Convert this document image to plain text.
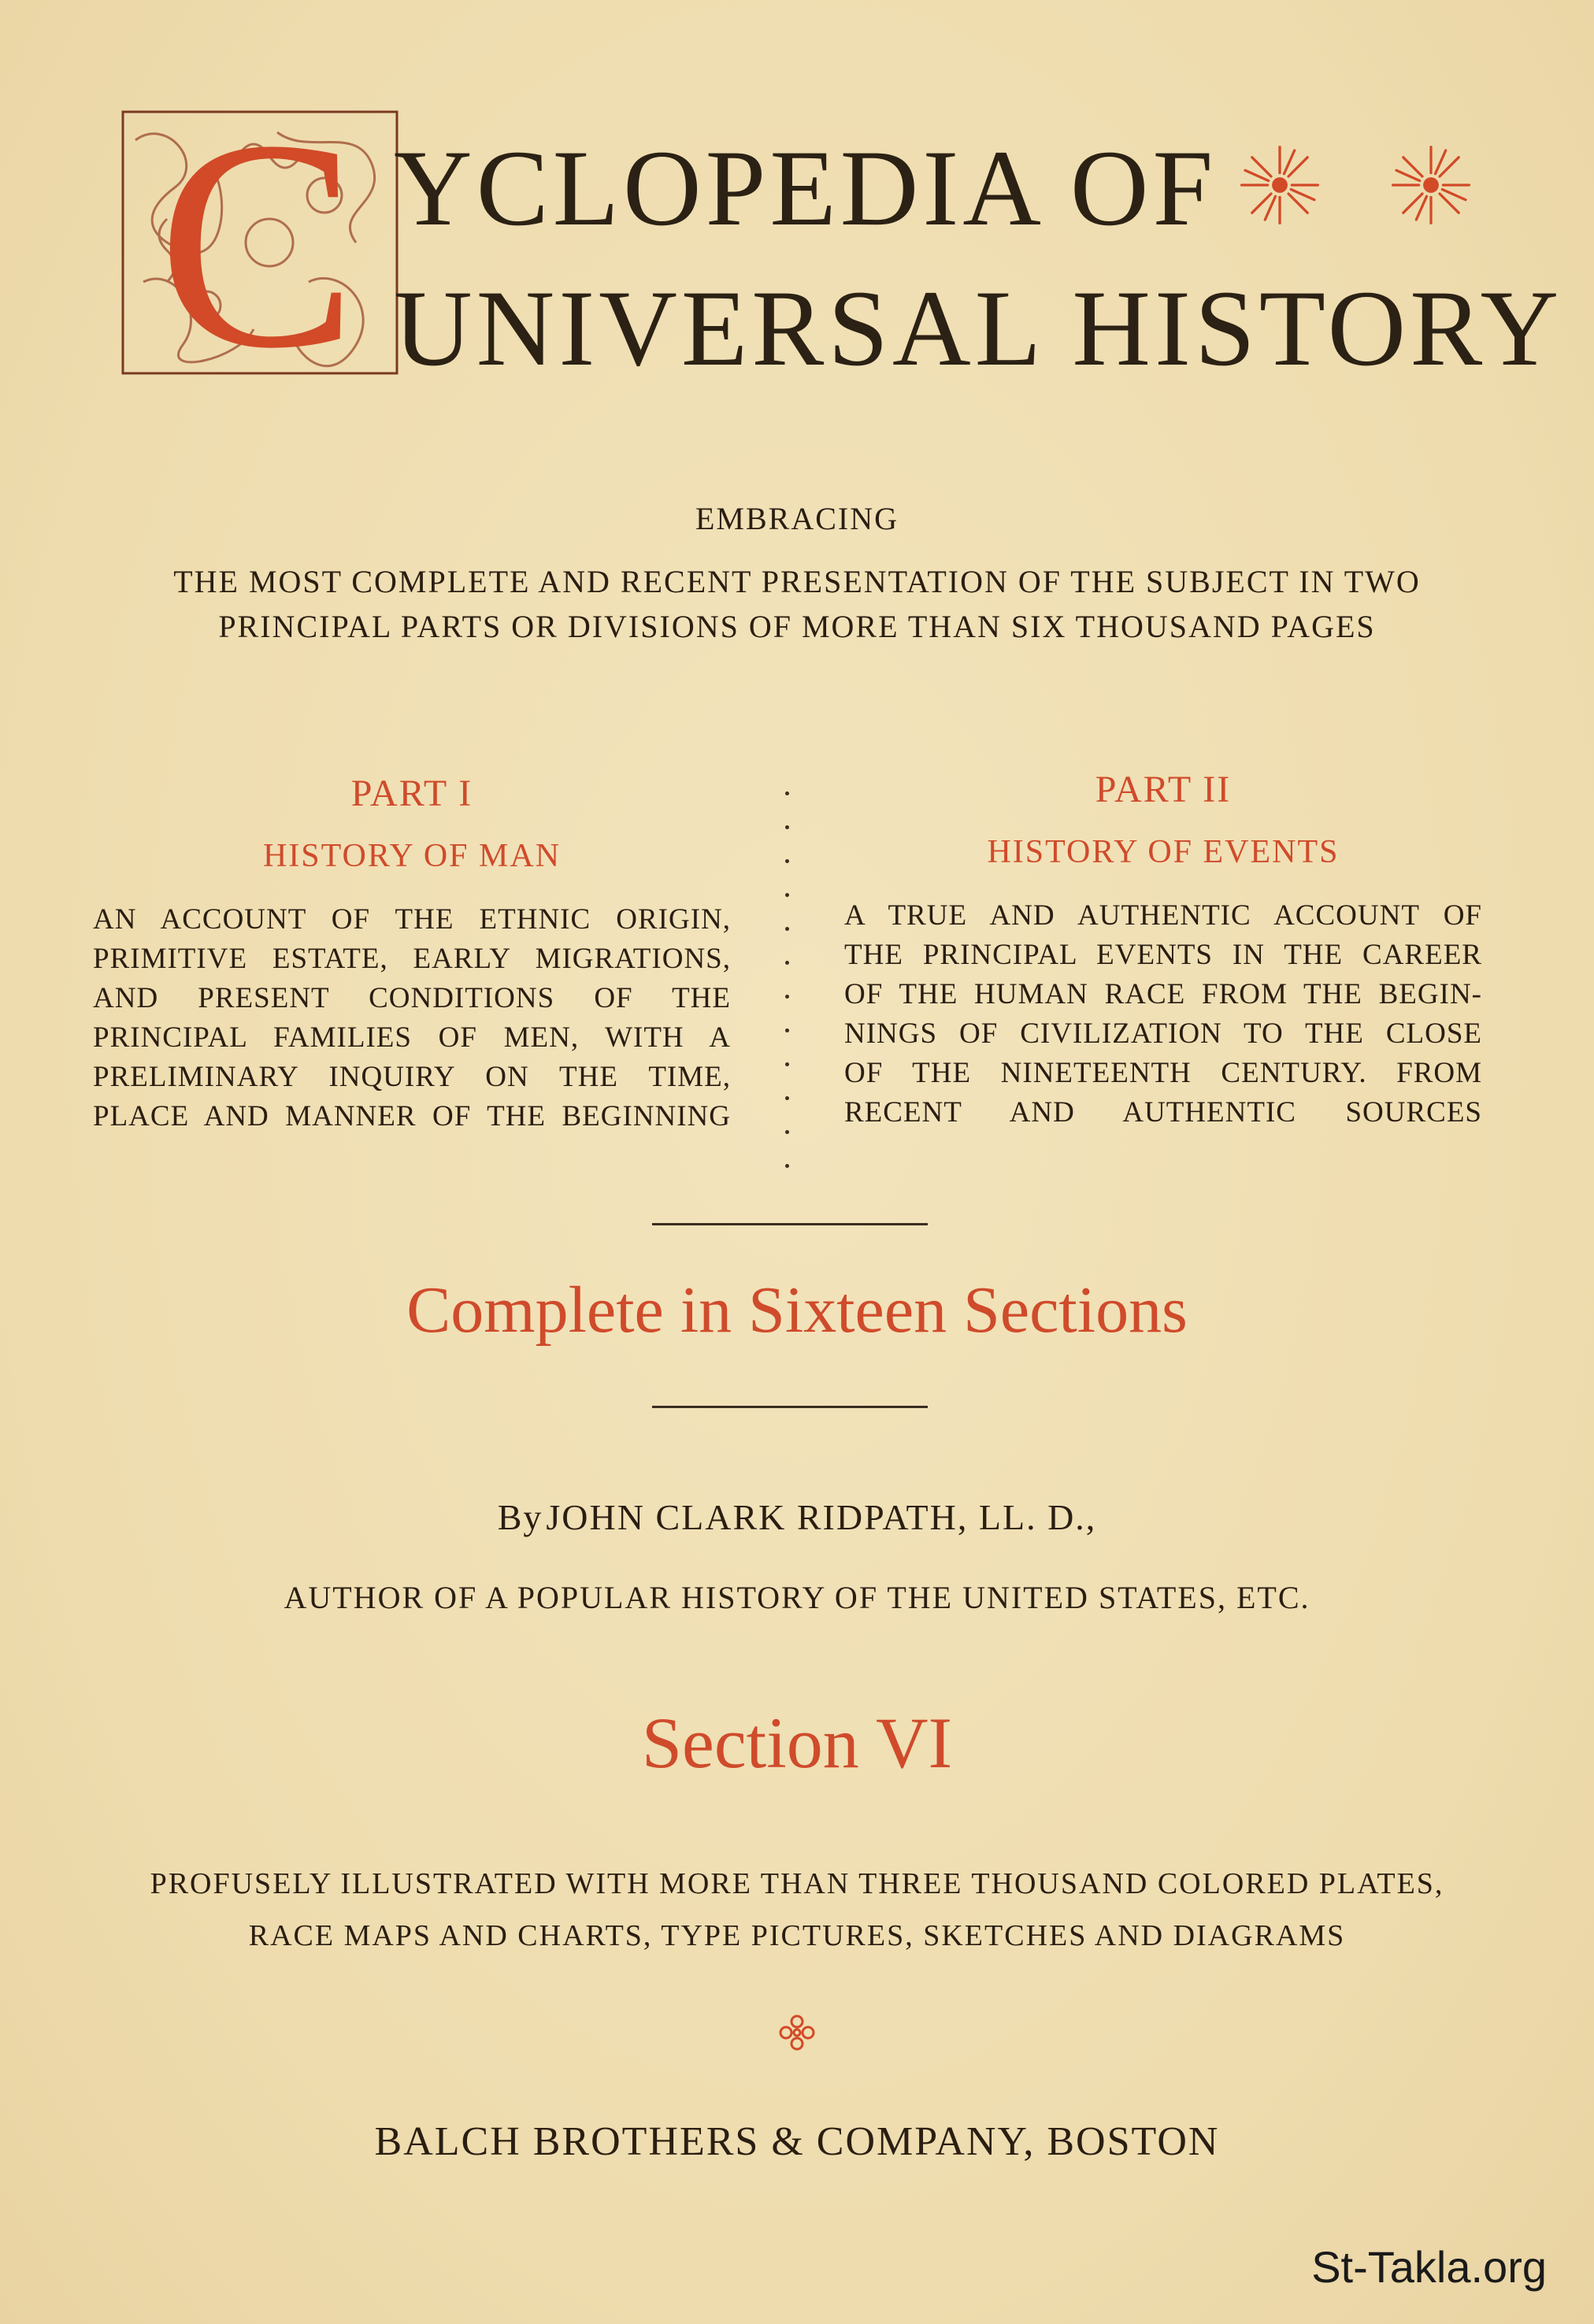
C YCLOPEDIA OF
UNIVERSAL HISTORY
EMBRACING
THE MOST COMPLETE AND RECENT PRESENTATION OF THE SUBJECT IN TWO
PRINCIPAL PARTS OR DIVISIONS OF MORE THAN SIX THOUSAND PAGES
PART I
HISTORY OF MAN
AN ACCOUNT OF THE ETHNIC ORIGIN,
PRIMITIVE ESTATE, EARLY MIGRATIONS,
AND PRESENT CONDITIONS OF THE
PRINCIPAL FAMILIES OF MEN, WITH A
PRELIMINARY INQUIRY ON THE TIME,
PLACE AND MANNER OF THE BEGINNING
PART II
HISTORY OF EVENTS
A TRUE AND AUTHENTIC ACCOUNT OF
THE PRINCIPAL EVENTS IN THE CAREER
OF THE HUMAN RACE FROM THE BEGIN-
NINGS OF CIVILIZATION TO THE CLOSE
OF THE NINETEENTH CENTURY. FROM
RECENT AND AUTHENTIC SOURCES
Complete in Sixteen Sections
By JOHN CLARK RIDPATH, LL. D.,
AUTHOR OF A POPULAR HISTORY OF THE UNITED STATES, ETC.
Section VI
PROFUSELY ILLUSTRATED WITH MORE THAN THREE THOUSAND COLORED PLATES,
RACE MAPS AND CHARTS, TYPE PICTURES, SKETCHES AND DIAGRAMS
BALCH BROTHERS & COMPANY, BOSTON
St-Takla.org
